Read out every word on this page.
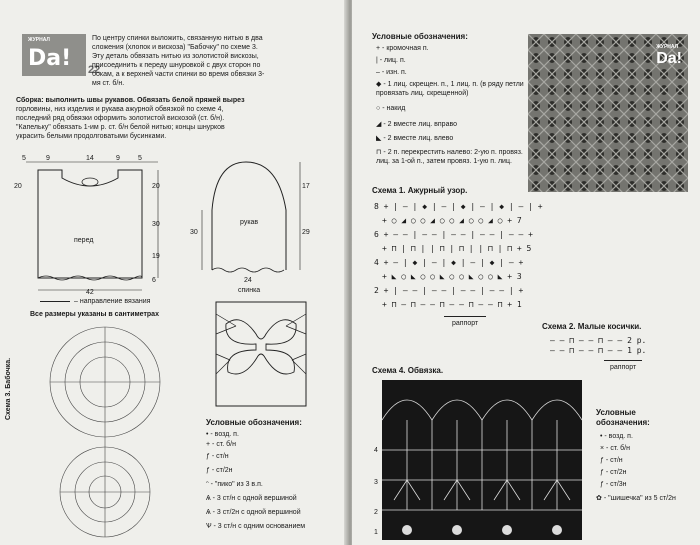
ЖУРНАЛ
Da! 22
По центру спинки выложить, связанную нитью в два
сложения (хлопок и вискоза) "Бабочку" по схеме 3.
Эту деталь обвязать нитью из золотистой вискозы,
присоединить к переду шнуровкой с двух сторон по
бокам, а к верхней части спинки во время обвязки 3-
мя ст. б/н.
Сборка: выполнить швы рукавов. Обвязать белой пряжей вырез
горловины, низ изделия и рукава ажурной обвязкой по схеме 4,
последний ряд обвязки оформить золотистой вискозой (ст. б/н).
"Капельку" обвязать 1-им р. ст. б/н белой нитью; концы шнурков
украсить белыми продолговатыми бусинками.
5	9	14	9	5
20
30
19
6
20
перед
42
17
29
30
рукав
24
спинка
– направление вязания
Все размеры указаны в сантиметрах
Схема 3. Бабочка.
Условные обозначения:
• - возд. п.
+ - ст. б/н
ƒ - ст/н
ƒ - ст/2н
ᵔ - "пико" из 3 в.п.
Ѧ - 3 ст/н с одной вершиной
Ѧ - 3 ст/2н с одной вершиной
Ѱ - 3 ст/н с одним основанием
Условные обозначения:
+ - кромочная п.
| - лиц. п.
– - изн. п.
◆ - 1 лиц. скрещен. п., 1 лиц. п. (в ряду петли провязать лиц. скрещенной)
○ - накид
◢ - 2 вместе лиц. вправо
◣ - 2 вместе лиц. влево
⊓ - 2 п. перекрестить налево: 2-ую п. провяз. лиц. за 1-ой п., затем провяз. 1-ую п. лиц.
ЖУРНАЛ
Da!
Схема 1. Ажурный узор.
8 + | – | ◆ | – | ◆ | – | ◆ | – | +
+ ○ ◢ ○ ○ ◢ ○ ○ ◢ ○ ○ ◢ ○ + 7
6 + – – | – – | – – | – – | – – +
+ ⊓ | ⊓ | | ⊓ | ⊓ | | ⊓ | ⊓ + 5
4 + – | ◆ | – | ◆ | – | ◆ | – +
+ ◣ ○ ◣ ○ ○ ◣ ○ ○ ◣ ○ ○ ◣ + 3
2 + | – – | – – | – – | – – | +
+ ⊓ – ⊓ – – ⊓ – – ⊓ – – ⊓ + 1
раппорт	Схема 2. Малые косички.
– – ⊓ – – ⊓ – – 2 р.
– – ⊓ – – ⊓ – – 1 р.
раппорт
Схема 4. Обвязка.
4
3
2
1
Условные обозначения:
• - возд. п.
× - ст. б/н
ƒ - ст/н
ƒ - ст/2н
ƒ - ст/3н
✿ - "шишечка" из 5 ст/2н
